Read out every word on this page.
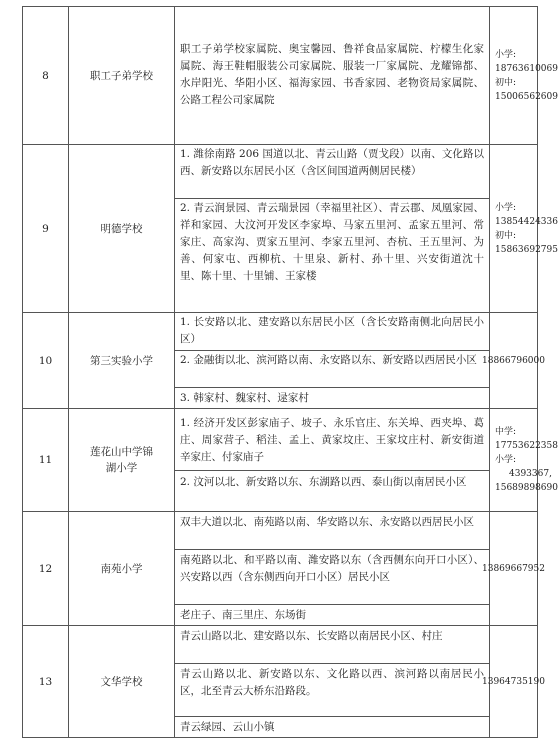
8	职工子弟学校
职工子弟学校家属院、奥宝馨园、鲁祥食品家属院、柠檬生化家属院、海王鞋帽服装公司家属院、服装一厂家属院、龙耀锦都、水岸阳光、华阳小区、福海家园、书香家园、老物资局家属院、公路工程公司家属院
小学:
18763610069
初中:
15006562609
9	明德学校
1. 潍徐南路 206 国道以北、青云山路（贾戈段）以南、文化路以西、新安路以东居民小区（含区间国道两侧居民楼）
2. 青云润景园、青云瑞景园（幸福里社区）、青云郡、凤凰家园、祥和家园、大汶河开发区李家埠、马家五里河、孟家五里河、常家庄、高家沟、贾家五里河、李家五里河、杏杭、王五里河、为善、何家屯、西柳杭、十里泉、新村、孙十里、兴安街道沈十里、陈十里、十里铺、王家楼
小学:
13854424336
初中:
15863692795
10	第三实验小学
1. 长安路以北、建安路以东居民小区（含长安路南侧北向居民小区）
2. 金融街以北、滨河路以南、永安路以东、新安路以西居民小区
3. 韩家村、魏家村、逯家村
18866796000
11
莲花山中学锦湖小学
1. 经济开发区彭家庙子、坡子、永乐官庄、东关埠、西夹埠、葛庄、周家营子、稻洼、孟上、黄家坟庄、王家坟庄村、新安街道辛家庄、付家庙子
2. 汶河以北、新安路以东、东湖路以西、泰山街以南居民小区
中学:
17753622358
小学:
4393367,
15689898690
12	南苑小学
双丰大道以北、南苑路以南、华安路以东、永安路以西居民小区
南苑路以北、和平路以南、潍安路以东（含西侧东向开口小区）、兴安路以西（含东侧西向开口小区）居民小区
老庄子、南三里庄、东场街
13869667952
13	文华学校
青云山路以北、建安路以东、长安路以南居民小区、村庄
青云山路以北、新安路以东、文化路以西、滨河路以南居民小区，北至青云大桥东沿路段。
青云绿园、云山小镇
13964735190
